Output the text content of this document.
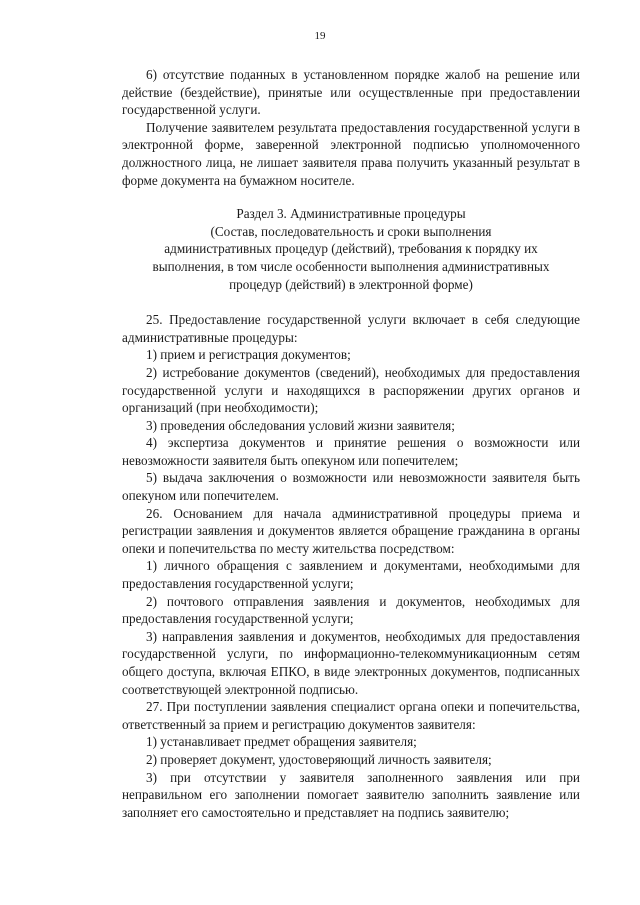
19

6) отсутствие поданных в установленном порядке жалоб на решение или действие (бездействие), принятые или осуществленные при предоставлении государственной услуги.

Получение заявителем результата предоставления государственной услуги в электронной форме, заверенной электронной подписью уполномоченного должностного лица, не лишает заявителя права получить указанный результат в форме документа на бумажном носителе.

Раздел 3. Административные процедуры
(Состав, последовательность и сроки выполнения
административных процедур (действий), требования к порядку их
выполнения, в том числе особенности выполнения административных
процедур (действий) в электронной форме)

25. Предоставление государственной услуги включает в себя следующие административные процедуры:

1) прием и регистрация документов;

2) истребование документов (сведений), необходимых для предоставления государственной услуги и находящихся в распоряжении других органов и организаций (при необходимости);

3) проведения обследования условий жизни заявителя;

4) экспертиза документов и принятие решения о возможности или невозможности заявителя быть опекуном или попечителем;

5) выдача заключения о возможности или невозможности заявителя быть опекуном или попечителем.

26. Основанием для начала административной процедуры приема и регистрации заявления и документов является обращение гражданина в органы опеки и попечительства по месту жительства посредством:

1) личного обращения с заявлением и документами, необходимыми для предоставления государственной услуги;

2) почтового отправления заявления и документов, необходимых для предоставления государственной услуги;

3) направления заявления и документов, необходимых для предоставления государственной услуги, по информационно-телекоммуникационным сетям общего доступа, включая ЕПКО, в виде электронных документов, подписанных соответствующей электронной подписью.

27. При поступлении заявления специалист органа опеки и попечительства, ответственный за прием и регистрацию документов заявителя:

1) устанавливает предмет обращения заявителя;

2) проверяет документ, удостоверяющий личность заявителя;

3) при отсутствии у заявителя заполненного заявления или при неправильном его заполнении помогает заявителю заполнить заявление или заполняет его самостоятельно и представляет на подпись заявителю;
